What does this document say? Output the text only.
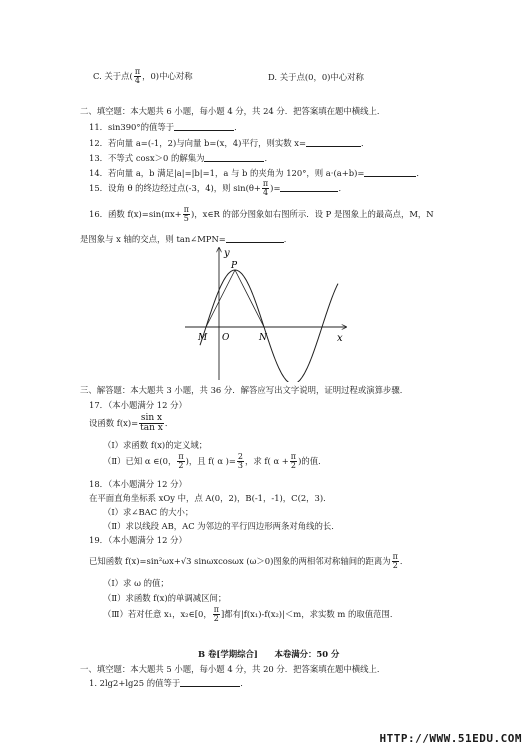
C. 关于点( $\frac{\pi}{4}$ ，0)中心对称	D. 关于点(0，0)中心对称
二、填空题：本大题共 6 小题，每小题 4 分，共 24 分．把答案填在题中横线上．
11．sin390°的值等于	．
12．若向量 a=(-1，2)与向量 b=(x，4)平行，则实数 x=	．
13．不等式 cosx＞0 的解集为	．
14．若向量 a，b 满足|a|=|b|=1，a 与 b 的夹角为 120°，则 a·(a+b)=	．
15．设角 θ 的终边经过点(-3，4)，则 $\sin(\theta+ \frac{\pi}{4}$ )=	．
16．函数 $f(x)=\sin(\pi x+ \frac{\pi}{5}$ )，x∈R 的部分图象如右图所示．设 P 是图象上的最高点，M，N
是图象与 x 轴的交点，则 tan∠MPN=	．
y
x
P
M O	N
三、解答题：本大题共 3 小题，共 36 分．解答应写出文字说明，证明过程或演算步骤．
17．（本小题满分 12 分）
设函数 $f(x)= \frac{\text{sin x}}{\text{tan x}}$ ．
（Ⅰ）求函数 f(x)的定义域；
（Ⅱ）已知 α ∈(0， $\frac{\pi}{2}$ )，且 f( α )= $\frac{2}{3}$ ，求 f( $\alpha + \frac{\pi}{2}$ )的值．
18．（本小题满分 12 分）
在平面直角坐标系 xOy 中，点 A(0，2)，B(-1，-1)，C(2，3)．
（Ⅰ）求∠BAC 的大小；
（Ⅱ）求以线段 AB，AC 为邻边的平行四边形两条对角线的长．
19．（本小题满分 12 分）
已知函数 f(x)=sin²ωx+√3 sinωxcosωx (ω＞0)图象的两相邻对称轴间的距离为 $\frac{\pi}{2}$ ．
（Ⅰ）求 ω 的值；
（Ⅱ）求函数 f(x)的单调减区间；
（Ⅲ）若对任意 x₁，x₂∈[0， $\frac{\pi}{2}$ ]都有|f(x₁)-f(x₂)|＜m，求实数 m 的取值范围．
B 卷[学期综合]　　本卷满分：50 分
一、填空题：本大题共 5 小题，每小题 4 分，共 20 分．把答案填在题中横线上．
1. 2lg2+lg25 的值等于	．
HTTP://WWW.51EDU.COM
